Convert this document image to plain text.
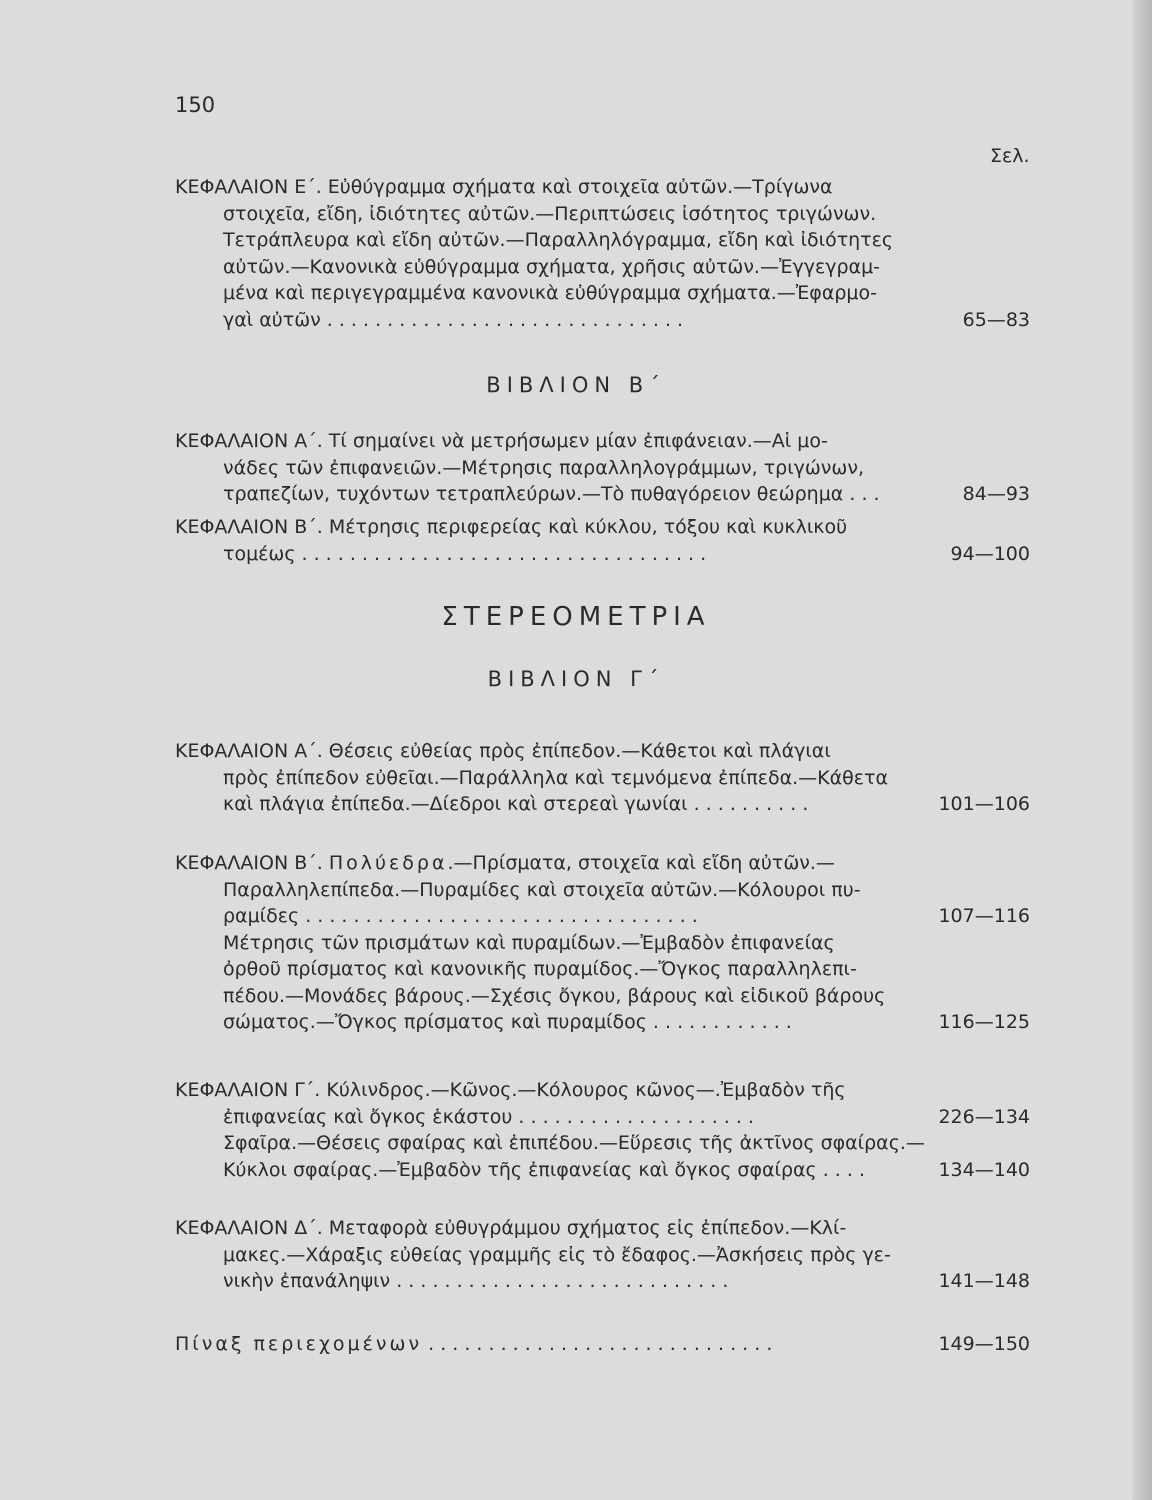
150
Σελ.
ΚΕΦΑΛΑΙΟΝ Ε΄. Εὐθύγραμμα σχήματα καὶ στοιχεῖα αὐτῶν.—Τρίγωνα
στοιχεῖα, εἴδη, ἰδιότητες αὐτῶν.—Περιπτώσεις ἰσότητος τριγώνων.
Τετράπλευρα καὶ εἴδη αὐτῶν.—Παραλληλόγραμμα, εἴδη καὶ ἰδιότητες
αὐτῶν.—Κανονικὰ εὐθύγραμμα σχήματα, χρῆσις αὐτῶν.—Ἐγγεγραμ-
μένα καὶ περιγεγραμμένα κανονικὰ εὐθύγραμμα σχήματα.—Ἐφαρμο-
γαὶ αὐτῶν . . . . . . . . . . . . . . . . . . . . . . . . . . . . . .	65—83
ΒΙΒΛΙΟΝ Β΄
ΚΕΦΑΛΑΙΟΝ Α΄. Τί σημαίνει νὰ μετρήσωμεν μίαν ἐπιφάνειαν.—Αἱ μο-
νάδες τῶν ἐπιφανειῶν.—Μέτρησις παραλληλογράμμων, τριγώνων,
τραπεζίων, τυχόντων τετραπλεύρων.—Τὸ πυθαγόρειον θεώρημα . . .	84—93
ΚΕΦΑΛΑΙΟΝ Β΄. Μέτρησις περιφερείας καὶ κύκλου, τόξου καὶ κυκλικοῦ
τομέως . . . . . . . . . . . . . . . . . . . . . . . . . . . . . . . . . .	94—100
ΣΤΕΡΕΟΜΕΤΡΙΑ
ΒΙΒΛΙΟΝ Γ΄
ΚΕΦΑΛΑΙΟΝ Α΄. Θέσεις εὐθείας πρὸς ἐπίπεδον.—Κάθετοι καὶ πλάγιαι
πρὸς ἐπίπεδον εὐθεῖαι.—Παράλληλα καὶ τεμνόμενα ἐπίπεδα.—Κάθετα
καὶ πλάγια ἐπίπεδα.—Δίεδροι καὶ στερεαὶ γωνίαι . . . . . . . . . .	101—106
ΚΕΦΑΛΑΙΟΝ Β΄. Πολύεδρα.—Πρίσματα, στοιχεῖα καὶ εἴδη αὐτῶν.—
Παραλληλεπίπεδα.—Πυραμίδες καὶ στοιχεῖα αὐτῶν.—Κόλουροι πυ-
ραμίδες . . . . . . . . . . . . . . . . . . . . . . . . . . . . . . . . .	107—116
Μέτρησις τῶν πρισμάτων καὶ πυραμίδων.—Ἐμβαδὸν ἐπιφανείας
ὀρθοῦ πρίσματος καὶ κανονικῆς πυραμίδος.—Ὄγκος παραλληλεπι-
πέδου.—Μονάδες βάρους.—Σχέσις ὄγκου, βάρους καὶ εἰδικοῦ βάρους
σώματος.—Ὄγκος πρίσματος καὶ πυραμίδος . . . . . . . . . . . .	116—125
ΚΕΦΑΛΑΙΟΝ Γ΄. Κύλινδρος.—Κῶνος.—Κόλουρος κῶνος—.Ἐμβαδὸν τῆς
ἐπιφανείας καὶ ὄγκος ἑκάστου . . . . . . . . . . . . . . . . . . . .	226—134
Σφαῖρα.—Θέσεις σφαίρας καὶ ἐπιπέδου.—Εὕρεσις τῆς ἀκτῖνος σφαίρας.—
Κύκλοι σφαίρας.—Ἐμβαδὸν τῆς ἐπιφανείας καὶ ὄγκος σφαίρας . . . .	134—140
ΚΕΦΑΛΑΙΟΝ Δ΄. Μεταφορὰ εὐθυγράμμου σχήματος εἰς ἐπίπεδον.—Κλί-
μακες.—Χάραξις εὐθείας γραμμῆς εἰς τὸ ἔδαφος.—Ἀσκήσεις πρὸς γε-
νικὴν ἐπανάληψιν . . . . . . . . . . . . . . . . . . . . . . . . . . . .	141—148
Πίναξ περιεχομένων . . . . . . . . . . . . . . . . . . . . . . . . . . . . .	149—150
